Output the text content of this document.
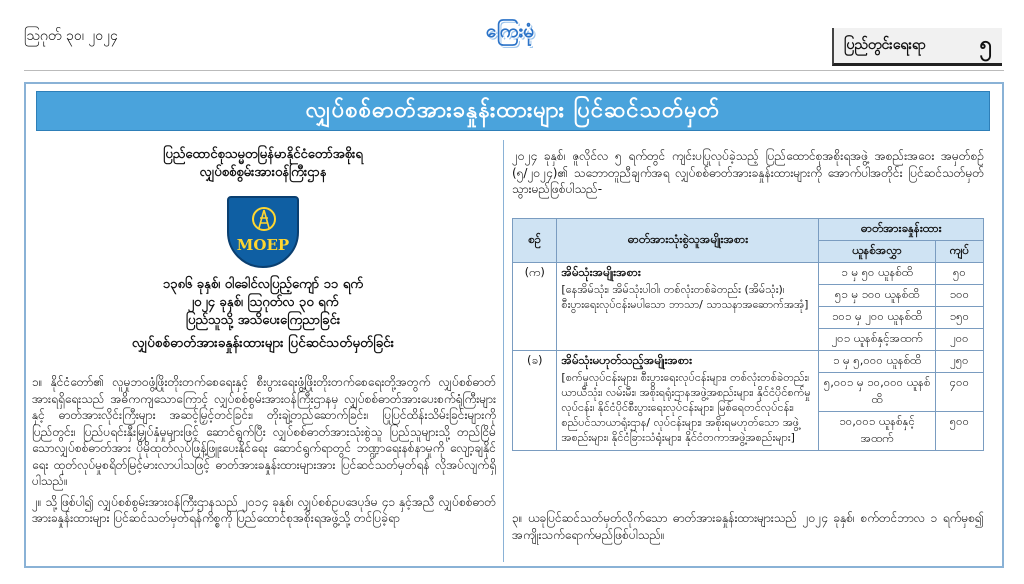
ဩဂုတ် ၃၀၊ ၂၀၂၄	ကြေးမုံ
ပြည်တွင်းရေးရာ ၅
လျှပ်စစ်ဓာတ်အားခနှုန်းထားများ ပြင်ဆင်သတ်မှတ်
ပြည်ထောင်စုသမ္မတမြန်မာနိုင်ငံတော်အစိုးရ
လျှပ်စစ်စွမ်းအားဝန်ကြီးဌာန
MOEP
၁၃၈၆ ခုနှစ်၊ ဝါခေါင်လပြည့်ကျော် ၁၁ ရက်
၂၀၂၄ ခုနှစ်၊ ဩဂုတ်လ ၃၀ ရက်
ပြည်သူသို့ အသိပေးကြေညာခြင်း
လျှပ်စစ်ဓာတ်အားခနှုန်းထားများ ပြင်ဆင်သတ်မှတ်ခြင်း

၁။ နိုင်ငံတော်၏ လူမှုဘဝဖွံ့ဖြိုးတိုးတက်စေရေးနှင့် စီးပွားရေးဖွံ့ဖြိုးတိုးတက်စေရေးတို့အတွက် လျှပ်စစ်ဓာတ်အားရရှိရေးသည် အဓိကကျသောကြောင့် လျှပ်စစ်စွမ်းအားဝန်ကြီးဌာနမှ လျှပ်စစ်ဓာတ်အားပေးစက်ရုံကြီးများနှင့် ဓာတ်အားလိုင်းကြီးများ အဆင့်မြှင့်တင်ခြင်း၊ တိုးချဲ့တည်ဆောက်ခြင်း၊ ပြုပြင်ထိန်းသိမ်းခြင်းများကို ပြည်တွင်း၊ ပြည်ပရင်းနှီးမြှုပ်နှံမှုများဖြင့် ဆောင်ရွက်ပြီး လျှပ်စစ်ဓာတ်အားသုံးစွဲသူ ပြည်သူများသို့ တည်ငြိမ်သောလျှပ်စစ်ဓာတ်အား ပိုမိုထုတ်လုပ်ဖြန့်ဖြူးပေးနိုင်ရေး ဆောင်ရွက်ရာတွင် ဘဏ္ဍာရေးနစ်နာမှုကို လျော့ချနိုင်ရေး ထုတ်လုပ်မှုစရိတ်မြင့်မားလာပါသဖြင့် ဓာတ်အားခနှုန်းထားများအား ပြင်ဆင်သတ်မှတ်ရန် လိုအပ်လျက်ရှိပါသည်။

၂။ သို့ဖြစ်ပါ၍ လျှပ်စစ်စွမ်းအားဝန်ကြီးဌာနသည် ၂၀၁၄ ခုနှစ်၊ လျှပ်စစ်ဥပဒေပုဒ်မ ၄၁ နှင့်အညီ လျှပ်စစ်ဓာတ်အားခနှုန်းထားများ ပြင်ဆင်သတ်မှတ်ရန်ကိစ္စကို ပြည်ထောင်စုအစိုးရအဖွဲ့သို့ တင်ပြခဲ့ရာ

၂၀၂၄ ခုနှစ်၊ ဇူလိုင်လ ၅ ရက်တွင် ကျင်းပပြုလုပ်ခဲ့သည့် ပြည်ထောင်စုအစိုးရအဖွဲ့ အစည်းအဝေး အမှတ်စဉ် (၅/၂၀၂၄)၏ သဘောတူညီချက်အရ လျှပ်စစ်ဓာတ်အားခနှုန်းထားများကို အောက်ပါအတိုင်း ပြင်ဆင်သတ်မှတ်သွားမည်ဖြစ်ပါသည်-

စဉ်	ဓာတ်အားသုံးစွဲသူအမျိုးအစား	ဓာတ်အားခနှုန်းထား	
		ယူနစ်အလွှာ	ကျပ်
(က)	အိမ်သုံးအမျိုးအစား
[နေအိမ်သုံး၊ အိမ်သုံးပါဝါ၊ တစ်လုံးတစ်ခဲတည်း (အိမ်သုံး)၊ စီးပွားရေးလုပ်ငန်းမပါသော ဘာသာ/ သာသနာအဆောက်အအုံ]	၁ မှ ၅၀ ယူနစ်ထိ	၅၀
		၅၁ မှ ၁၀၀ ယူနစ်ထိ	၁၀၀
		၁၀၁ မှ ၂၀၀ ယူနစ်ထိ	၁၅၀
		၂၀၁ ယူနစ်နှင့်အထက်	၂၀၀
(ခ)	အိမ်သုံးမဟုတ်သည့်အမျိုးအစား
[စက်မှုလုပ်ငန်းများ၊ စီးပွားရေးလုပ်ငန်းများ၊ တစ်လုံးတစ်ခဲတည်း၊ ယာယီသုံး၊ လမ်းမီး၊ အစိုးရရုံးဌာနအဖွဲ့အစည်းများ၊ နိုင်ငံပိုင်စက်မှုလုပ်ငန်း၊ နိုင်ငံပိုင်စီးပွားရေးလုပ်ငန်းများ၊ မြစ်ရေတင်လုပ်ငန်း၊ စည်ပင်သာယာရုံးဌာန/ လုပ်ငန်းများ၊ အစိုးရမဟုတ်သော အဖွဲ့အစည်းများ၊ နိုင်ငံခြားသံရုံးများ၊ နိုင်ငံတကာအဖွဲ့အစည်းများ]	၁ မှ ၅,၀၀၀ ယူနစ်ထိ	၂၅၀
		၅,၀၀၁ မှ ၁၀,၀၀၀ ယူနစ်ထိ	၄၀၀
		၁၀,၀၀၁ ယူနစ်နှင့်အထက်	၅၀၀

၃။ ယခုပြင်ဆင်သတ်မှတ်လိုက်သော ဓာတ်အားခနှုန်းထားများသည် ၂၀၂၄ ခုနှစ်၊ စက်တင်ဘာလ ၁ ရက်မှစ၍ အကျိုးသက်ရောက်မည်ဖြစ်ပါသည်။
